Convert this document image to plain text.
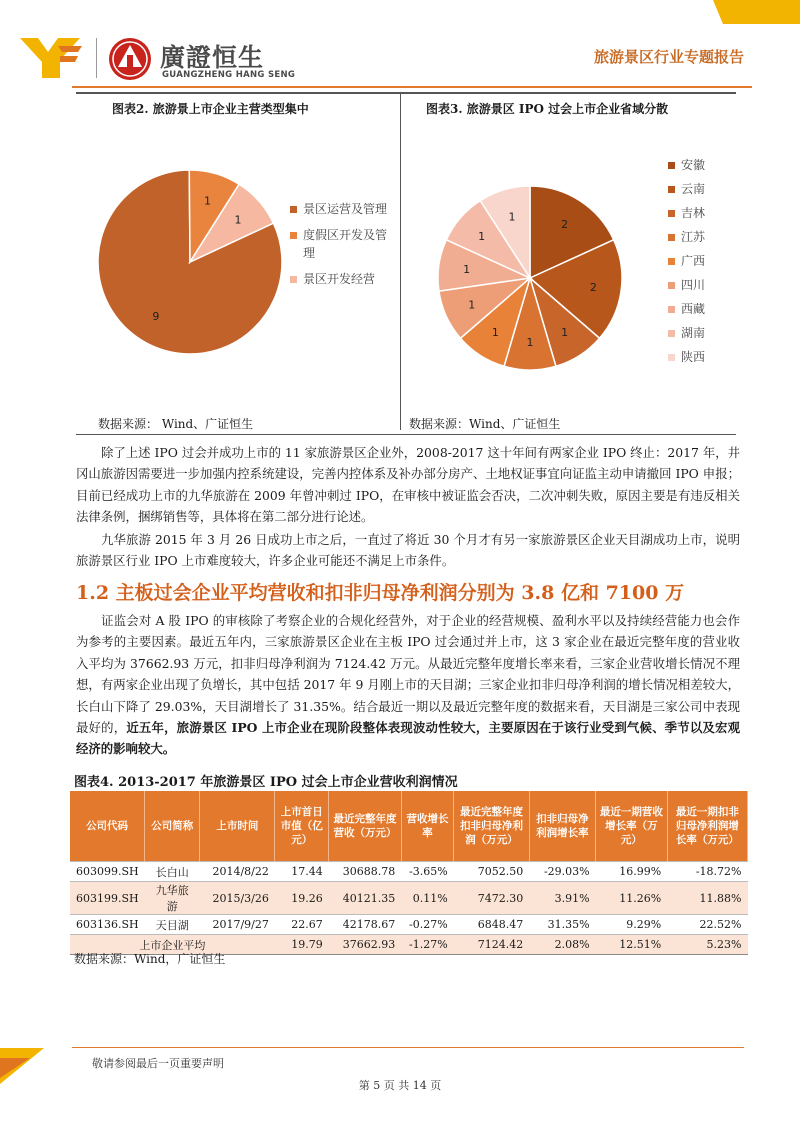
廣證恒生
GUANGZHENG HANG SENG
旅游景区行业专题报告
图表2. 旅游景上市企业主营类型集中	图表3. 旅游景区 IPO 过会上市企业省域分散
9
1
1
景区运营及管理
度假区开发及管理
景区开发经营
2
2
1
1
1
1
1
1
1
安徽
云南
吉林
江苏
广西
四川
西藏
湖南
陕西
数据来源： Wind、广证恒生	数据来源：Wind、广证恒生
除了上述 IPO 过会并成功上市的 11 家旅游景区企业外，2008-2017 这十年间有两家企业 IPO 终止：2017 年，井冈山旅游因需要进一步加强内控系统建设，完善内控体系及补办部分房产、土地权证事宜向证监主动申请撤回 IPO 申报；目前已经成功上市的九华旅游在 2009 年曾冲刺过 IPO，在审核中被证监会否决，二次冲刺失败，原因主要是有违反相关法律条例，捆绑销售等，具体将在第二部分进行论述。
九华旅游 2015 年 3 月 26 日成功上市之后，一直过了将近 30 个月才有另一家旅游景区企业天目湖成功上市，说明旅游景区行业 IPO 上市难度较大，许多企业可能还不满足上市条件。
1.2 主板过会企业平均营收和扣非归母净利润分别为 3.8 亿和 7100 万
证监会对 A 股 IPO 的审核除了考察企业的合规化经营外，对于企业的经营规模、盈利水平以及持续经营能力也会作为参考的主要因素。最近五年内，三家旅游景区企业在主板 IPO 过会通过并上市，这 3 家企业在最近完整年度的营业收入平均为 37662.93 万元，扣非归母净利润为 7124.42 万元。从最近完整年度增长率来看，三家企业营收增长情况不理想，有两家企业出现了负增长，其中包括 2017 年 9 月刚上市的天目湖；三家企业扣非归母净利润的增长情况相差较大，长白山下降了 29.03%，天目湖增长了 31.35%。结合最近一期以及最近完整年度的数据来看，天目湖是三家公司中表现最好的，近五年，旅游景区 IPO 上市企业在现阶段整体表现波动性较大，主要原因在于该行业受到气候、季节以及宏观经济的影响较大。
图表4. 2013-2017 年旅游景区 IPO 过会上市企业营收利润情况
公司代码	公司简称	上市时间	上市首日市值（亿元）	最近完整年度营收（万元）	营收增长率	最近完整年度扣非归母净利润（万元）	扣非归母净利润增长率	最近一期营收增长率（万元）	最近一期扣非归母净利润增长率（万元）
603099.SH	长白山	2014/8/22	17.44	30688.78	-3.65%	7052.50	-29.03%	16.99%	-18.72%
603199.SH	九华旅游	2015/3/26	19.26	40121.35	0.11%	7472.30	3.91%	11.26%	11.88%
603136.SH	天目湖	2017/9/27	22.67	42178.67	-0.27%	6848.47	31.35%	9.29%	22.52%
上市企业平均			19.79	37662.93	-1.27%	7124.42	2.08%	12.51%	5.23%
数据来源：Wind，广证恒生
敬请参阅最后一页重要声明
第 5 页 共 14 页
